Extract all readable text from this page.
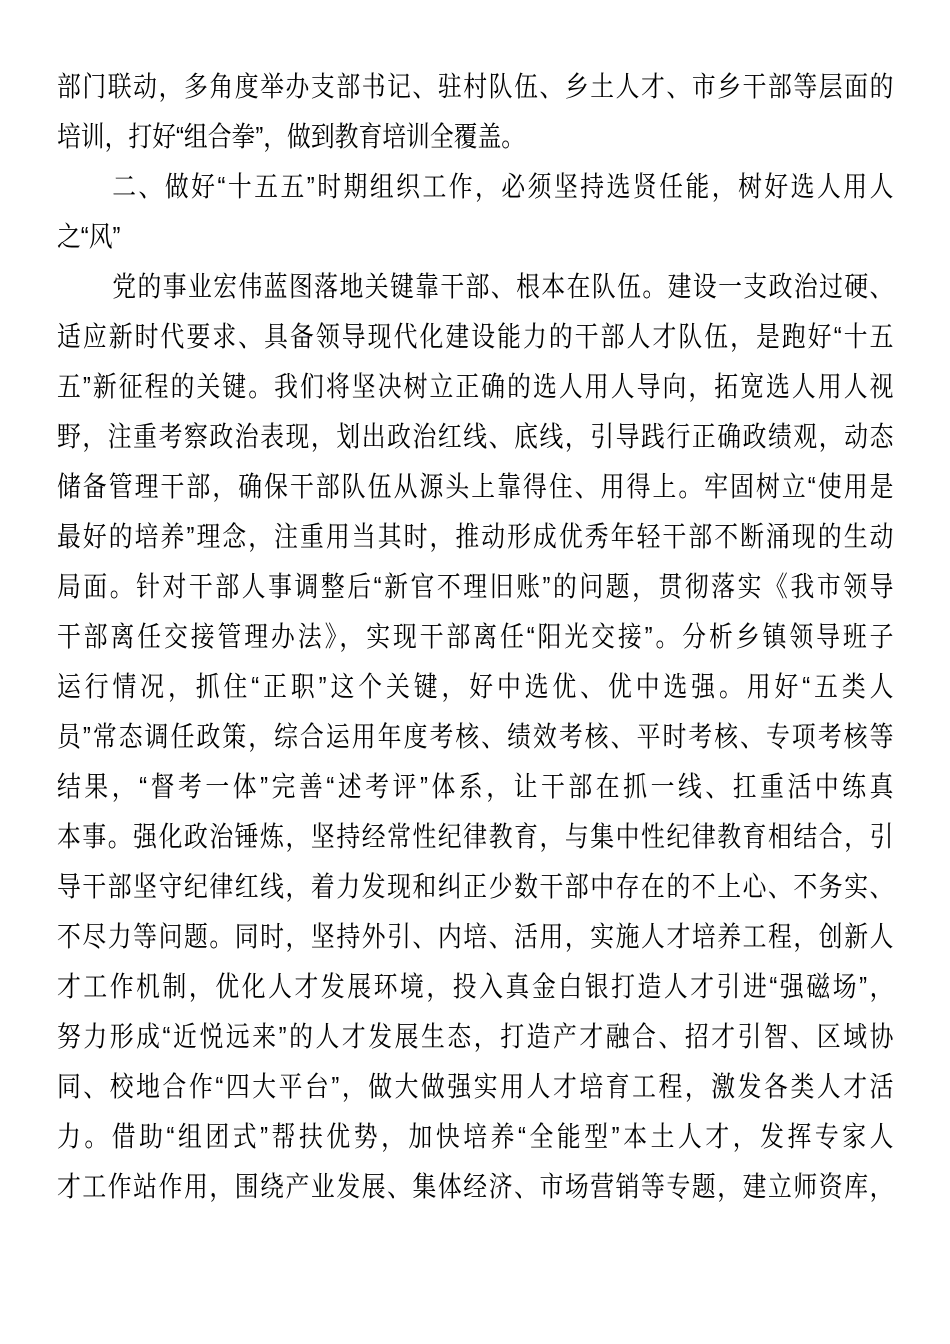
部门联动，多角度举办支部书记、驻村队伍、乡土人才、市乡干部等层面的

培训，打好“组合拳”，做到教育培训全覆盖。

二、做好“十五五”时期组织工作，必须坚持选贤任能，树好选人用人

之“风”

党的事业宏伟蓝图落地关键靠干部、根本在队伍。建设一支政治过硬、

适应新时代要求、具备领导现代化建设能力的干部人才队伍，是跑好“十五

五”新征程的关键。我们将坚决树立正确的选人用人导向，拓宽选人用人视

野，注重考察政治表现，划出政治红线、底线，引导践行正确政绩观，动态

储备管理干部，确保干部队伍从源头上靠得住、用得上。牢固树立“使用是

最好的培养”理念，注重用当其时，推动形成优秀年轻干部不断涌现的生动

局面。针对干部人事调整后“新官不理旧账”的问题，贯彻落实《我市领导

干部离任交接管理办法》，实现干部离任“阳光交接”。分析乡镇领导班子

运行情况，抓住“正职”这个关键，好中选优、优中选强。用好“五类人

员”常态调任政策，综合运用年度考核、绩效考核、平时考核、专项考核等

结果，“督考一体”完善“述考评”体系，让干部在抓一线、扛重活中练真

本事。强化政治锤炼，坚持经常性纪律教育，与集中性纪律教育相结合，引

导干部坚守纪律红线，着力发现和纠正少数干部中存在的不上心、不务实、

不尽力等问题。同时，坚持外引、内培、活用，实施人才培养工程，创新人

才工作机制，优化人才发展环境，投入真金白银打造人才引进“强磁场”，

努力形成“近悦远来”的人才发展生态，打造产才融合、招才引智、区域协

同、校地合作“四大平台”，做大做强实用人才培育工程，激发各类人才活

力。借助“组团式”帮扶优势，加快培养“全能型”本土人才，发挥专家人

才工作站作用，围绕产业发展、集体经济、市场营销等专题，建立师资库，
